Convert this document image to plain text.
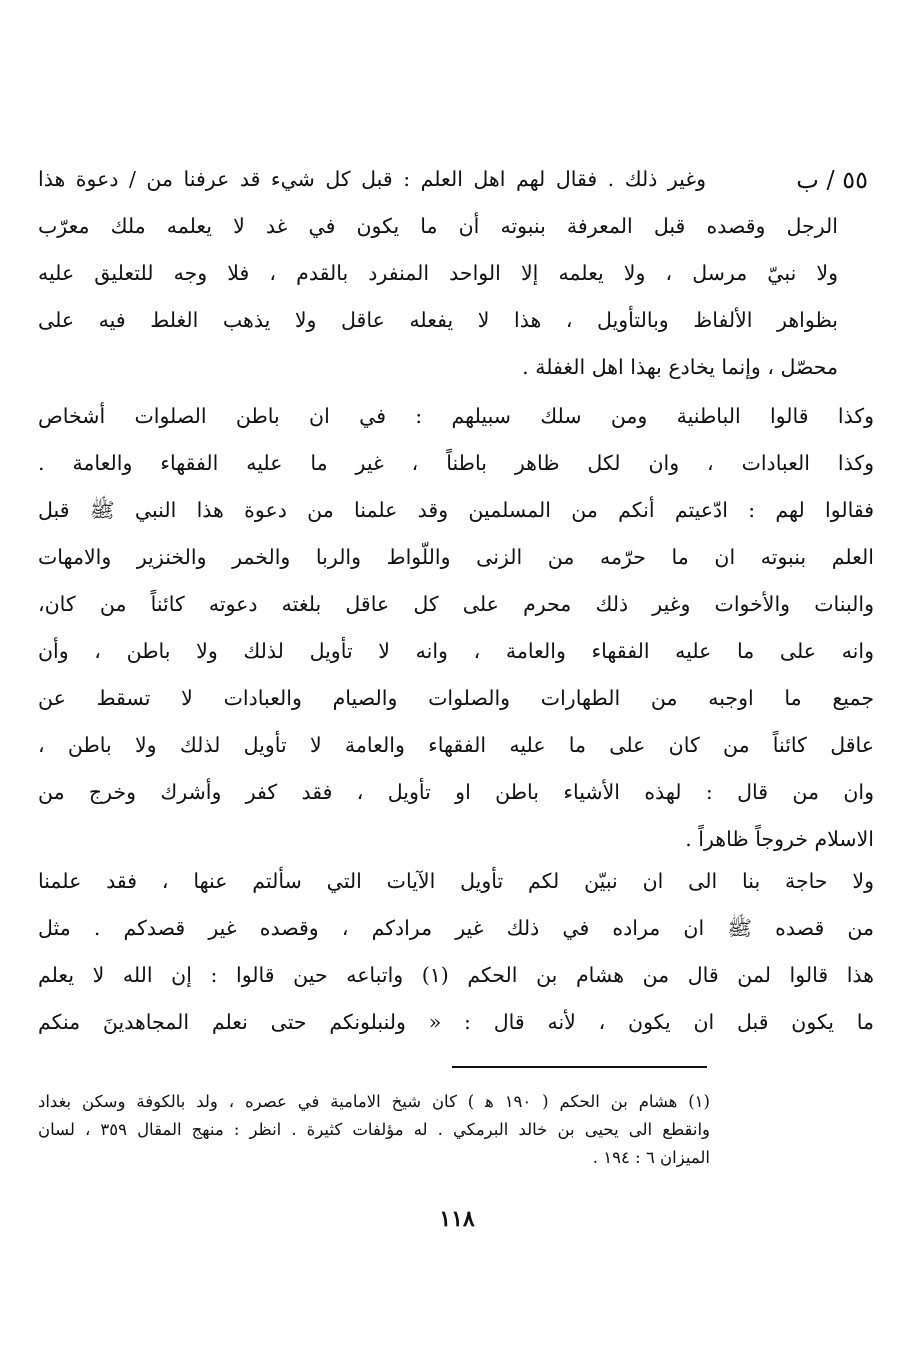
٥٥ / ب
وغير ذلك . فقال لهم اهل العلم : قبل كل شيء قد عرفنا من / دعوة هذا
الرجل وقصده قبل المعرفة بنبوته أن ما يكون في غد لا يعلمه ملك معرّب
ولا نبيّ مرسل ، ولا يعلمه إلا الواحد المنفرد بالقدم ، فلا وجه للتعليق عليه
بظواهر الألفاظ وبالتأويل ، هذا لا يفعله عاقل ولا يذهب الغلط فيه على
محصّل ، وإنما يخادع بهذا اهل الغفلة .
وكذا قالوا الباطنية ومن سلك سبيلهم : في ان باطن الصلوات أشخاص
وكذا العبادات ، وان لكل ظاهر باطناً ، غير ما عليه الفقهاء والعامة .
فقالوا لهم : ادّعيتم أنكم من المسلمين وقد علمنا من دعوة هذا النبي ﷺ قبل
العلم بنبوته ان ما حرّمه من الزنى واللّواط والربا والخمر والخنزير والامهات
والبنات والأخوات وغير ذلك محرم على كل عاقل بلغته دعوته كائناً من كان،
وانه على ما عليه الفقهاء والعامة ، وانه لا تأويل لذلك ولا باطن ، وأن
جميع ما اوجبه من الطهارات والصلوات والصيام والعبادات لا تسقط عن
عاقل كائناً من كان على ما عليه الفقهاء والعامة لا تأويل لذلك ولا باطن ،
وان من قال : لهذه الأشياء باطن او تأويل ، فقد كفر وأشرك وخرج من
الاسلام خروجاً ظاهراً .
ولا حاجة بنا الى ان نبيّن لكم تأويل الآيات التي سألتم عنها ، فقد علمنا
من قصده ﷺ ان مراده في ذلك غير مرادكم ، وقصده غير قصدكم . مثل
هذا قالوا لمن قال من هشام بن الحكم (١) واتباعه حين قالوا : إن الله لا يعلم
ما يكون قبل ان يكون ، لأنه قال : « ولنبلونكم حتى نعلم المجاهدينَ منكم
(١) هشام بن الحكم ( ١٩٠ ﻫ ) كان شيخ الامامية في عصره ، ولد بالكوفة وسكن بغداد
وانقطع الى يحيى بن خالد البرمكي . له مؤلفات كثيرة . انظر : منهج المقال ٣٥٩ ، لسان
الميزان ٦ : ١٩٤ .
١١٨
